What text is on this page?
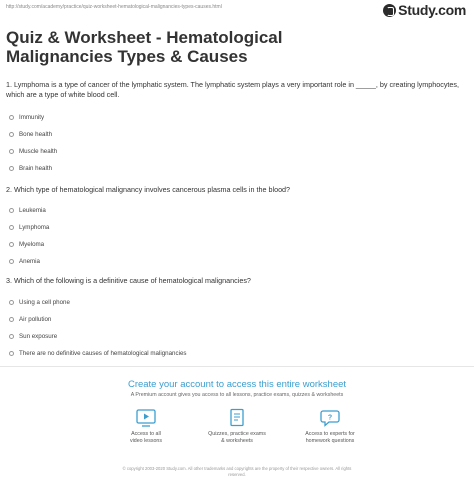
http://study.com/academy/practice/quiz-worksheet-hematological-malignancies-types-causes.html	Study.com
Quiz & Worksheet - Hematological Malignancies Types & Causes
1. Lymphoma is a type of cancer of the lymphatic system. The lymphatic system plays a very important role in _____, by creating lymphocytes, which are a type of white blood cell.
Immunity
Bone health
Muscle health
Brain health
2. Which type of hematological malignancy involves cancerous plasma cells in the blood?
Leukemia
Lymphoma
Myeloma
Anemia
3. Which of the following is a definitive cause of hematological malignancies?
Using a cell phone
Air pollution
Sun exposure
There are no definitive causes of hematological malignancies
Create your account to access this entire worksheet
A Premium account gives you access to all lessons, practice exams, quizzes & worksheets
Access to all
video lessons
Quizzes, practice exams
& worksheets
?
Access to experts for
homework questions
© copyright 2003-2020 Study.com. All other trademarks and copyrights are the property of their respective owners. All rights
reserved.
